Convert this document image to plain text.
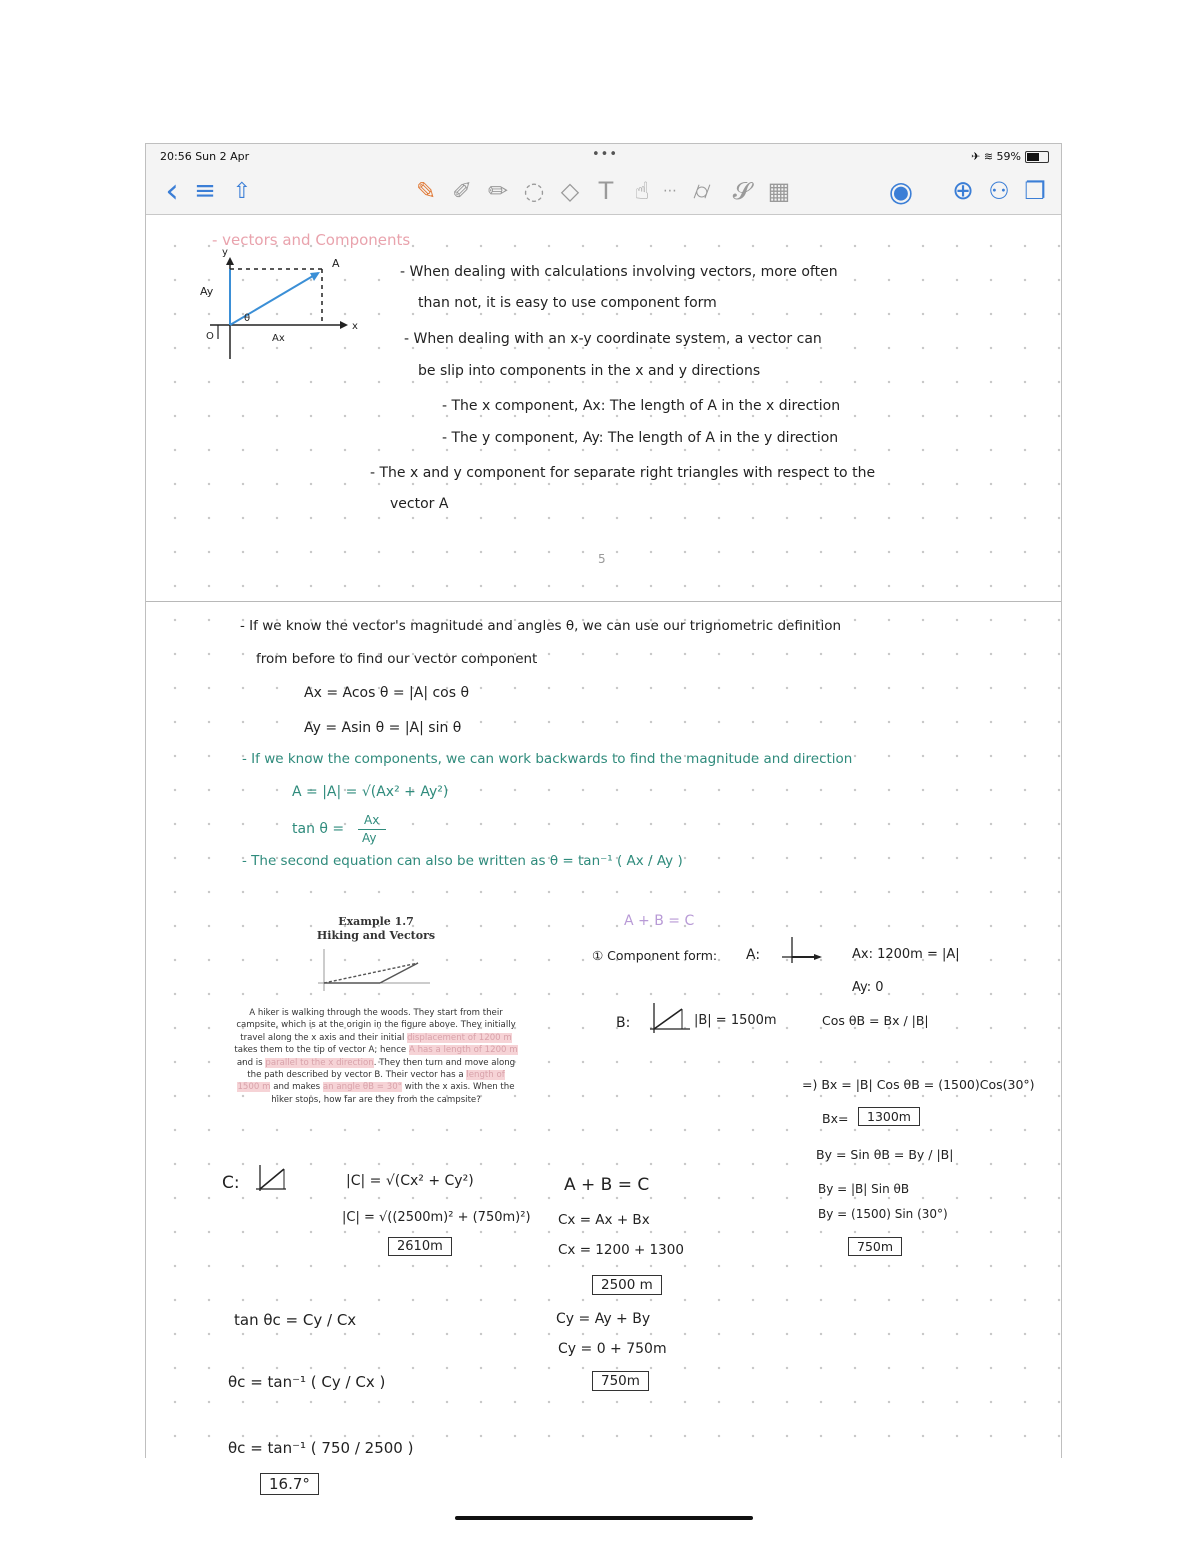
20:56 Sun 2 Apr	•••	✈ ≋ 59%
‹ ≡ ⇧	✎ ✐ ✏ ◌ ◇ T ☝ ⋯ ⌭ 𝓢 ▦	◉ ⊕ ⚇ ❐
- vectors and Components
y
A
Ay
θ
O	Ax
x
- When dealing with calculations involving vectors, more often
than not, it is easy to use component form
- When dealing with an x-y coordinate system, a vector can
be slip into components in the x and y directions
- The x component, Ax: The length of A in the x direction
- The y component, Ay: The length of A in the y direction
- The x and y component for separate right triangles with respect to the
vector A
5
- If we know the vector's magnitude and angles θ, we can use our trignometric definition
from before to find our vector component
Ax = Acos θ = |A| cos θ
Ay = Asin θ = |A| sin θ
- If we know the components, we can work backwards to find the magnitude and direction
A = |A| = √(Ax² + Ay²)
tan θ =
Ax
Ay
- The second equation can also be written as θ = tan⁻¹ ( Ax / Ay )
Example 1.7
Hiking and Vectors
A hiker is walking through the woods. They start from their
campsite, which is at the origin in the figure above. They initially
travel along the x axis and their initial displacement of 1200 m
takes them to the tip of vector A; hence A has a length of 1200 m
and is parallel to the x direction. They then turn and move along
the path described by vector B. Their vector has a length of
1500 m and makes an angle θB = 30° with the x axis. When the
hiker stops, how far are they from the campsite?
A + B = C
① Component form: A:	Ax: 1200m = |A|
Ay: 0
B:	|B| = 1500m	Cos θB = Bx / |B|
=) Bx = |B| Cos θB = (1500)Cos(30°)
Bx=	1300m
By = Sin θB = By / |B|
By = |B| Sin θB
By = (1500) Sin (30°)
750m
C:	|C| = √(Cx² + Cy²)
|C| = √((2500m)² + (750m)²)
2610m
A + B = C
Cx = Ax + Bx
Cx = 1200 + 1300
2500 m
Cy = Ay + By
Cy = 0 + 750m
750m
tan θc = Cy / Cx
θc = tan⁻¹ ( Cy / Cx )
θc = tan⁻¹ ( 750 / 2500 )
16.7°
